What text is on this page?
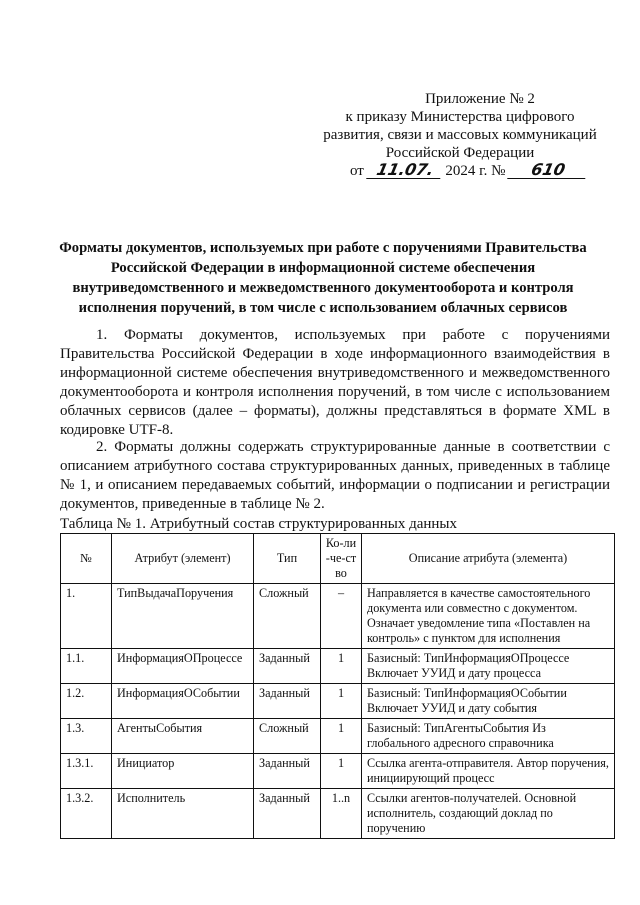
Приложение № 2
к приказу Министерства цифрового
развития, связи и массовых коммуникаций
Российской Федерации
от 11.07. 2024 г. № 610
Форматы документов, используемых при работе с поручениями Правительства
Российской Федерации в информационной системе обеспечения
внутриведомственного и межведомственного документооборота и контроля
исполнения поручений, в том числе с использованием облачных сервисов
1. Форматы документов, используемых при работе с поручениями Правительства Российской Федерации в ходе информационного взаимодействия в информационной системе обеспечения внутриведомственного и межведомственного документооборота и контроля исполнения поручений, в том числе с использованием облачных сервисов (далее – форматы), должны представляться в формате XML в кодировке UTF-8.
2. Форматы должны содержать структурированные данные в соответствии с описанием атрибутного состава структурированных данных, приведенных в таблице № 1, и описанием передаваемых событий, информации о подписании и регистрации документов, приведенные в таблице № 2.
Таблица № 1. Атрибутный состав структурированных данных
№	Атрибут (элемент)	Тип	Ко-ли-че-ство	Описание атрибута (элемента)
1.	ТипВыдачаПоручения	Сложный	–	Направляется в качестве самостоятельного документа или совместно с документом. Означает уведомление типа «Поставлен на контроль» с пунктом для исполнения
1.1.	ИнформацияОПроцессе	Заданный	1	Базисный: ТипИнформацияОПроцессе Включает УУИД и дату процесса
1.2.	ИнформацияОСобытии	Заданный	1	Базисный: ТипИнформацияОСобытии Включает УУИД и дату события
1.3.	АгентыСобытия	Сложный	1	Базисный: ТипАгентыСобытия Из глобального адресного справочника
1.3.1.	Инициатор	Заданный	1	Ссылка агента-отправителя. Автор поручения, инициирующий процесс
1.3.2.	Исполнитель	Заданный	1..n	Ссылки агентов-получателей. Основной исполнитель, создающий доклад по поручению
